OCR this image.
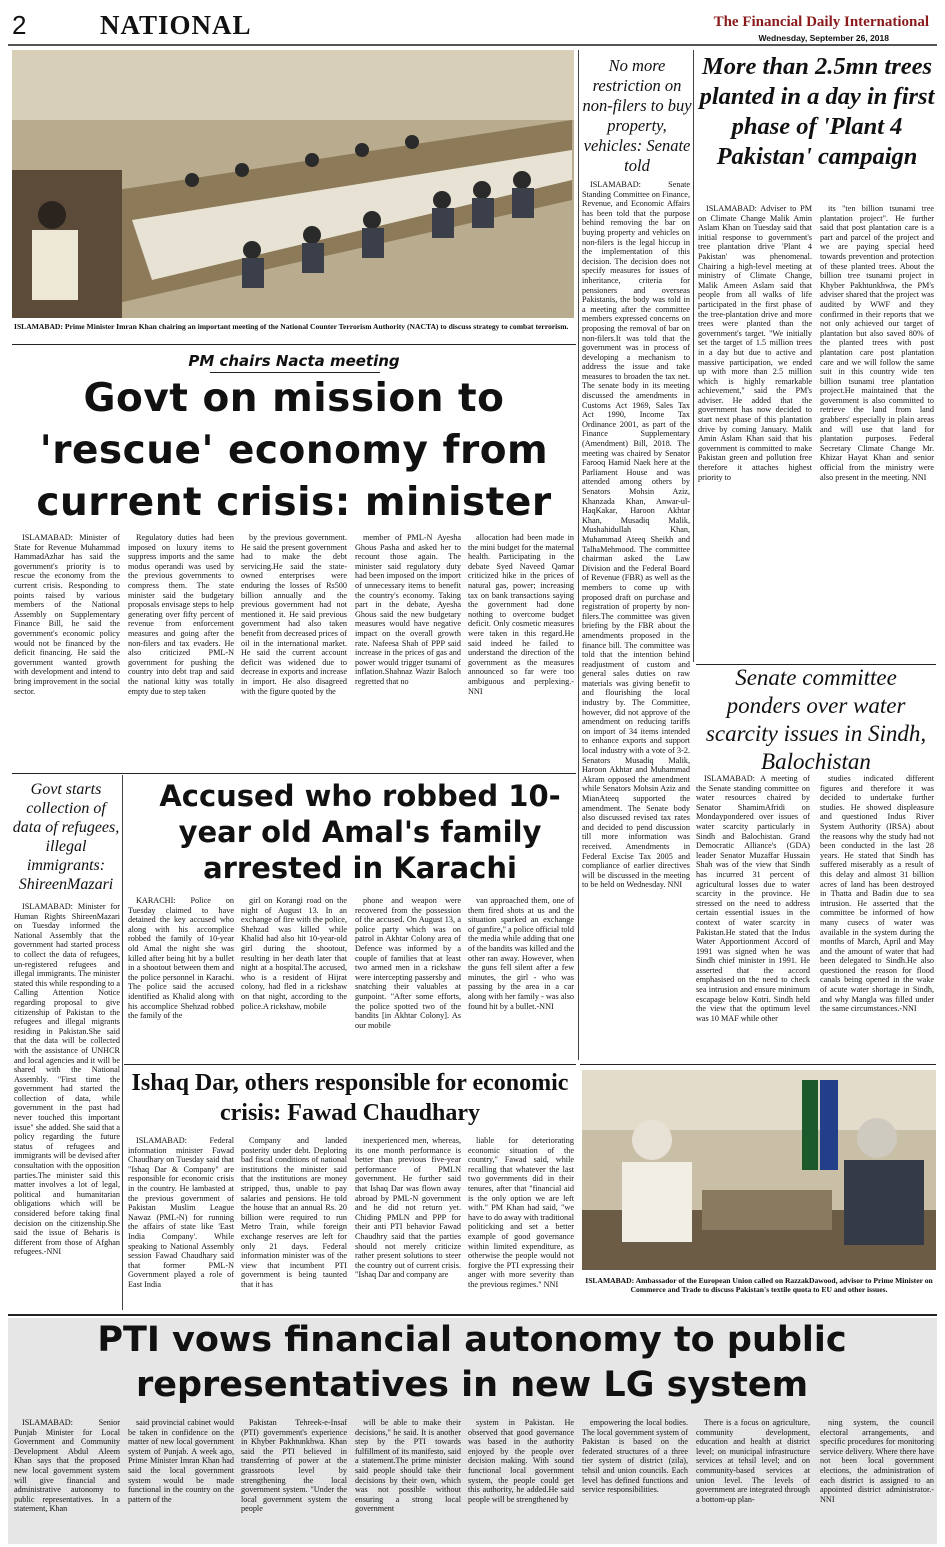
2	NATIONAL	The Financial Daily International
Wednesday, September 26, 2018
ISLAMABAD: Prime Minister Imran Khan chairing an important meeting of the National Counter Terrorism Authority (NACTA) to discuss strategy to combat terrorism.
PM chairs Nacta meeting
Govt on mission to 'rescue' economy from current crisis: minister

ISLAMABAD: Minister of State for Revenue Muhammad HammadAzhar has said the government's priority is to rescue the economy from the current crisis. Responding to points raised by various members of the National Assembly on Supplementary Finance Bill, he said the government's economic policy would not be financed by the deficit financing. He said the government wanted growth with development and intend to bring improvement in the social sector.

Regulatory duties had been imposed on luxury items to suppress imports and the same modus operandi was used by the previous governments to compress them. The state minister said the budgetary proposals envisage steps to help generating over fifty percent of revenue from enforcement measures and going after the non-filers and tax evaders. He also criticized PML-N government for pushing the country into debt trap and said the national kitty was totally empty due to step taken

by the previous government. He said the present government had to make the debt servicing.He said the state-owned enterprises were enduring the losses of Rs500 billion annually and the previous government had not mentioned it. He said previous government had also taken benefit from decreased prices of oil in the international market. He said the current account deficit was widened due to decrease in exports and increase in import. He also disagreed with the figure quoted by the

member of PML-N Ayesha Ghous Pasha and asked her to recount those again. The minister said regulatory duty had been imposed on the import of unnecessary items to benefit the country's economy. Taking part in the debate, Ayesha Ghous said the new budgetary measures would have negative impact on the overall growth rate. Nafeesa Shah of PPP said increase in the prices of gas and power would trigger tsunami of inflation.Shahnaz Wazir Baloch regretted that no

allocation had been made in the mini budget for the maternal health. Participating in the debate Syed Naveed Qamar criticized hike in the prices of natural gas, power; increasing tax on bank transactions saying the government had done nothing to overcome budget deficit. Only cosmetic measures were taken in this regard.He said indeed he failed to understand the direction of the government as the measures announced so far were too ambiguous and perplexing.-NNI

No more restriction on non-filers to buy property, vehicles: Senate told

ISLAMABAD: Senate Standing Committee on Finance, Revenue, and Economic Affairs has been told that the purpose behind removing the bar on buying property and vehicles on non-filers is the legal hiccup in the implementation of this decision. The decision does not specify measures for issues of inheritance, criteria for pensioners and overseas Pakistanis, the body was told in a meeting after the committee members expressed concerns on proposing the removal of bar on non-filers.It was told that the government was in process of developing a mechanism to address the issue and take measures to broaden the tax net. The senate body in its meeting discussed the amendments in Customs Act 1969, Sales Tax Act 1990, Income Tax Ordinance 2001, as part of the Finance Supplementary (Amendment) Bill, 2018. The meeting was chaired by Senator Farooq Hamid Naek here at the Parliament House and was attended among others by Senators Mohsin Aziz, Khanzada Khan, Anwar-ul-HaqKakar, Haroon Akhtar Khan, Musadiq Malik, Mushahidullah Khan, Muhammad Ateeq Sheikh and TalhaMehmood. The committee chairman asked the Law Division and the Federal Board of Revenue (FBR) as well as the members to come up with proposed draft on purchase and registration of property by non-filers.The committee was given briefing by the FBR about the amendments proposed in the finance bill. The committee was told that the intention behind readjustment of custom and general sales duties on raw materials was giving benefit to and flourishing the local industry by. The Committee, however, did not approve of the amendment on reducing tariffs on import of 34 items intended to enhance exports and support local industry with a vote of 3-2. Senators Musadiq Malik, Haroon Akhtar and Muhammad Akram opposed the amendment while Senators Mohsin Aziz and MianAteeq supported the amendment. The Senate body also discussed revised tax rates and decided to pend discussion till more information was received. Amendments in Federal Excise Tax 2005 and compliance of earlier directives will be discussed in the meeting to be held on Wednesday. NNI

More than 2.5mn trees planted in a day in first phase of 'Plant 4 Pakistan' campaign

ISLAMABAD: Adviser to PM on Climate Change Malik Amin Aslam Khan on Tuesday said that initial response to government's tree plantation drive 'Plant 4 Pakistan' was phenomenal. Chairing a high-level meeting at ministry of Climate Change, Malik Ameen Aslam said that people from all walks of life participated in the first phase of the tree-plantation drive and more trees were planted than the government's target. "We initially set the target of 1.5 million trees in a day but due to active and massive participation, we ended up with more than 2.5 million which is highly remarkable achievement," said the PM's adviser. He added that the government has now decided to start next phase of this plantation drive by coming January. Malik Amin Aslam Khan said that his government is committed to make Pakistan green and pollution free therefore it attaches highest priority to

its "ten billion tsunami tree plantation project". He further said that post plantation care is a part and parcel of the project and we are paying special heed towards prevention and protection of these planted trees. About the billion tree tsunami project in Khyber Pakhtunkhwa, the PM's adviser shared that the project was audited by WWF and they confirmed in their reports that we not only achieved our target of plantation but also saved 80% of the planted trees with post plantation care post plantation care and we will follow the same suit in this country wide ten billion tsunami tree plantation project.He maintained that the government is also committed to retrieve the land from land grabbers' especially in plain areas and will use that land for plantation purposes. Federal Secretary Climate Change Mr. Khizar Hayat Khan and senior official from the ministry were also present in the meeting. NNI

Senate committee ponders over water scarcity issues in Sindh, Balochistan

ISLAMABAD: A meeting of the Senate standing committee on water resources chaired by Senator ShamimAfridi on Mondaypondered over issues of water scarcity particularly in Sindh and Balochistan. Grand Democratic Alliance's (GDA) leader Senator Muzaffar Hussain Shah was of the view that Sindh has incurred 31 percent of agricultural losses due to water scarcity in the province. He stressed on the need to address certain essential issues in the context of water scarcity in Pakistan.He stated that the Indus Water Apportionment Accord of 1991 was signed when he was Sindh chief minister in 1991. He asserted that the accord emphasised on the need to check sea intrusion and ensure minimum escapage below Kotri. Sindh held the view that the optimum level was 10 MAF while other

studies indicated different figures and therefore it was decided to undertake further studies. He showed displeasure and questioned Indus River System Authority (IRSA) about the reasons why the study had not been conducted in the last 28 years. He stated that Sindh has suffered miserably as a result of this delay and almost 31 billion acres of land has been destroyed in Thatta and Badin due to sea intrusion. He asserted that the committee be informed of how many cusecs of water was available in the system during the months of March, April and May and the amount of water that had been delegated to Sindh.He also questioned the reason for flood canals being opened in the wake of acute water shortage in Sindh, and why Mangla was filled under the same circumstances.-NNI

Govt starts collection of data of refugees, illegal immigrants:
ShireenMazari

ISLAMABAD: Minister for Human Rights ShireenMazari on Tuesday informed the National Assembly that the government had started process to collect the data of refugees, un-registered refugees and illegal immigrants. The minister stated this while responding to a Calling Attention Notice regarding proposal to give citizenship of Pakistan to the refugees and illegal migrants residing in Pakistan.She said that the data will be collected with the assistance of UNHCR and local agencies and it will be shared with the National Assembly. "First time the government had started the collection of data, while government in the past had never touched this important issue" she added. She said that a policy regarding the future status of refugees and immigrants will be devised after consultation with the opposition parties.The minister said this matter involves a lot of legal, political and humanitarian obligations which will be considered before taking final decision on the citizenship.She said the issue of Beharis is different from those of Afghan refugees.-NNI

Accused who robbed 10-year old Amal's family arrested in Karachi

KARACHI: Police on Tuesday claimed to have detained the key accused who along with his accomplice robbed the family of 10-year old Amal the night she was killed after being hit by a bullet in a shootout between them and the police personnel in Karachi. The police said the accused identified as Khalid along with his accomplice Shehzad robbed the family of the

girl on Korangi road on the night of August 13. In an exchange of fire with the police, Shehzad was killed while Khalid had also hit 10-year-old girl during the shootout, resulting in her death later that night at a hospital.The accused, who is a resident of Hijrat colony, had fled in a rickshaw on that night, according to the police.A rickshaw, mobile

phone and weapon were recovered from the possession of the accused. On August 13, a police party which was on patrol in Akhtar Colony area of Defence was informed by a couple of families that at least two armed men in a rickshaw were intercepting passersby and snatching their valuables at gunpoint. "After some efforts, the police spotted two of the bandits [in Akhtar Colony]. As our mobile

van approached them, one of them fired shots at us and the situation sparked an exchange of gunfire," a police official told the media while adding that one of the bandits was killed and the other ran away. However, when the guns fell silent after a few minutes, the girl - who was passing by the area in a car along with her family - was also found hit by a bullet.-NNI

Ishaq Dar, others responsible for economic crisis: Fawad Chaudhary

ISLAMABAD: Federal information minister Fawad Chaudhary on Tuesday said that "Ishaq Dar & Company" are responsible for economic crisis in the country. He lambasted at the previous government of Pakistan Muslim League Nawaz (PML-N) for running the affairs of state like 'East India Company'. While speaking to National Assembly session Fawad Chaudhary said that former PML-N Government played a role of East India

Company and landed posterity under debt. Deploring bad fiscal conditions of national institutions the minister said that the institutions are money stripped, thus, unable to pay salaries and pensions. He told the house that an annual Rs. 20 billion were required to run Metro Train, while foreign exchange reserves are left for only 21 days. Federal information minister was of the view that incumbent PTI government is being taunted that it has

inexperienced men, whereas, its one month performance is better than previous five-year performance of PMLN government. He further said that Ishaq Dar was flown away abroad by PML-N government and he did not return yet. Chiding PMLN and PPP for their anti PTI behavior Fawad Chaudhry said that the parties should not merely criticize rather present solutions to steer the country out of current crisis. "Ishaq Dar and company are

liable for deteriorating economic situation of the country," Fawad said, while recalling that whatever the last two governments did in their tenures, after that "financial aid is the only option we are left with." PM Khan had said, "we have to do away with traditional politicking and set a better example of good governance within limited expenditure, as otherwise the people would not forgive the PTI expressing their anger with more severity than the previous regimes." NNI	ISLAMABAD: Ambassador of the European Union called on RazzakDawood, advisor to Prime Minister on Commerce and Trade to discuss Pakistan's textile quota to EU and other issues.
PTI vows financial autonomy to public representatives in new LG system

ISLAMABAD: Senior Punjab Minister for Local Government and Community Development Abdul Aleem Khan says that the proposed new local government system will give financial and administrative autonomy to public representatives. In a statement, Khan

said provincial cabinet would be taken in confidence on the matter of new local government system of Punjab. A week ago, Prime Minister Imran Khan had said the local government system would be made functional in the country on the pattern of the

Pakistan Tehreek-e-Insaf (PTI) government's experience in Khyber Pakhtunkhwa. Khan said the PTI believed in transferring of power at the grassroots level by strengthening the local government system. "Under the local government system the people

will be able to make their decisions," he said. It is another step by the PTI towards fulfillment of its manifesto, said a statement.The prime minister said people should take their decisions by their own, which was not possible without ensuring a strong local government

system in Pakistan. He observed that good governance was based in the authority enjoyed by the people over decision making. With sound functional local government system, the people could get this authority, he added.He said people will be strengthened by

empowering the local bodies. The local government system of Pakistan is based on the federated structures of a three tier system of district (zila), tehsil and union councils. Each level has defined functions and service responsibilities.

There is a focus on agriculture, community development, education and health at district level; on municipal infrastructure services at tehsil level; and on community-based services at union level. The levels of government are integrated through a bottom-up plan-

ning system, the council electoral arrangements, and specific procedures for monitoring service delivery. Where there have not been local government elections, the administration of each district is assigned to an appointed district administrator.-NNI
